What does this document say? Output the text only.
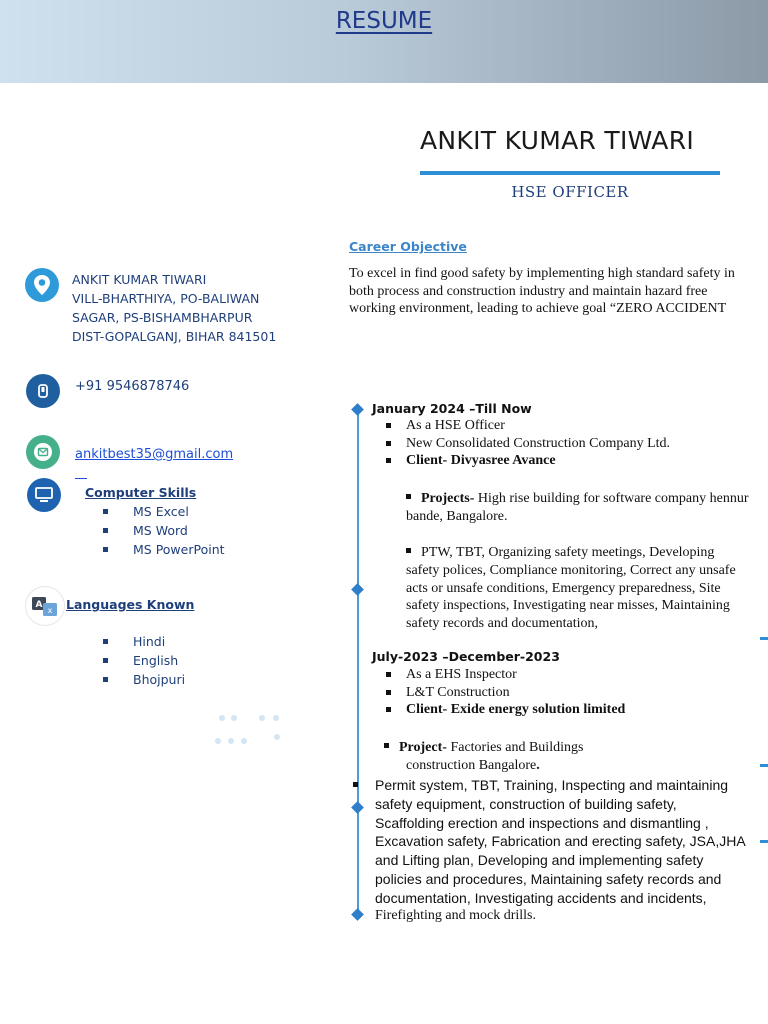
RESUME
ANKIT KUMAR TIWARI
HSE OFFICER
ANKIT KUMAR TIWARI
VILL-BHARTHIYA, PO-BALIWAN
SAGAR, PS-BISHAMBHARPUR
DIST-GOPALGANJ, BIHAR 841501
+91 9546878746
ankitbest35@gmail.com
Computer Skills
MS Excel
MS Word
MS PowerPoint
A
x Languages Known
Hindi
English
Bhojpuri
Career Objective
To excel in find good safety by implementing high standard safety in both process and construction industry and maintain hazard free working environment, leading to achieve goal “ZERO ACCIDENT
January 2024 –Till Now
As a HSE Officer
New Consolidated Construction Company Ltd.
Client- Divyasree Avance
Projects- High rise building for software company hennur bande, Bangalore.
PTW, TBT, Organizing safety meetings, Developing safety polices, Compliance monitoring, Correct any unsafe acts or unsafe conditions, Emergency preparedness, Site safety inspections, Investigating near misses, Maintaining safety records and documentation,
July-2023 –December-2023
As a EHS Inspector
L&T Construction
Client- Exide energy solution limited
Project- Factories and Buildings
construction Bangalore.
Permit system, TBT, Training, Inspecting and maintaining safety equipment, construction of building safety, Scaffolding erection and inspections and dismantling , Excavation safety, Fabrication and erecting safety, JSA,JHA and Lifting plan, Developing and implementing safety policies and procedures, Maintaining safety records and documentation, Investigating accidents and incidents,
Firefighting and mock drills.
